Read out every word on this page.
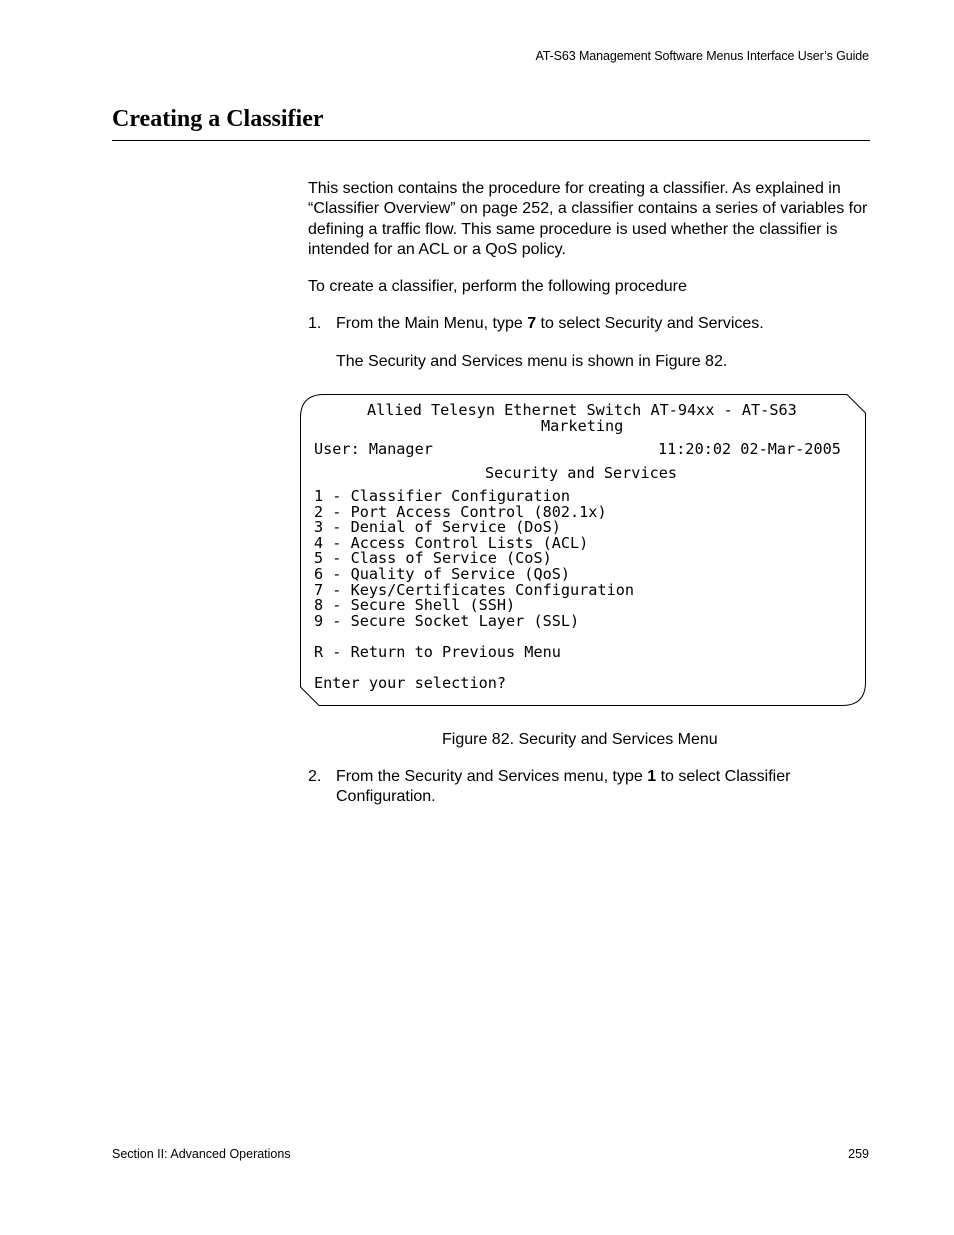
AT-S63 Management Software Menus Interface User’s Guide
Creating a Classifier

This section contains the procedure for creating a classifier. As explained in “Classifier Overview” on page 252, a classifier contains a series of variables for defining a traffic flow. This same procedure is used whether the classifier is intended for an ACL or a QoS policy.

To create a classifier, perform the following procedure

1. From the Main Menu, type 7 to select Security and Services.
The Security and Services menu is shown in Figure 82.
Allied Telesyn Ethernet Switch AT-94xx - AT-S63
Marketing
User: Manager	11:20:02 02-Mar-2005
Security and Services
1 - Classifier Configuration
2 - Port Access Control (802.1x)
3 - Denial of Service (DoS)
4 - Access Control Lists (ACL)
5 - Class of Service (CoS)
6 - Quality of Service (QoS)
7 - Keys/Certificates Configuration
8 - Secure Shell (SSH)
9 - Secure Socket Layer (SSL)
R - Return to Previous Menu
Enter your selection?
Figure 82. Security and Services Menu
2. From the Security and Services menu, type 1 to select Classifier Configuration.
Section II: Advanced Operations	259
